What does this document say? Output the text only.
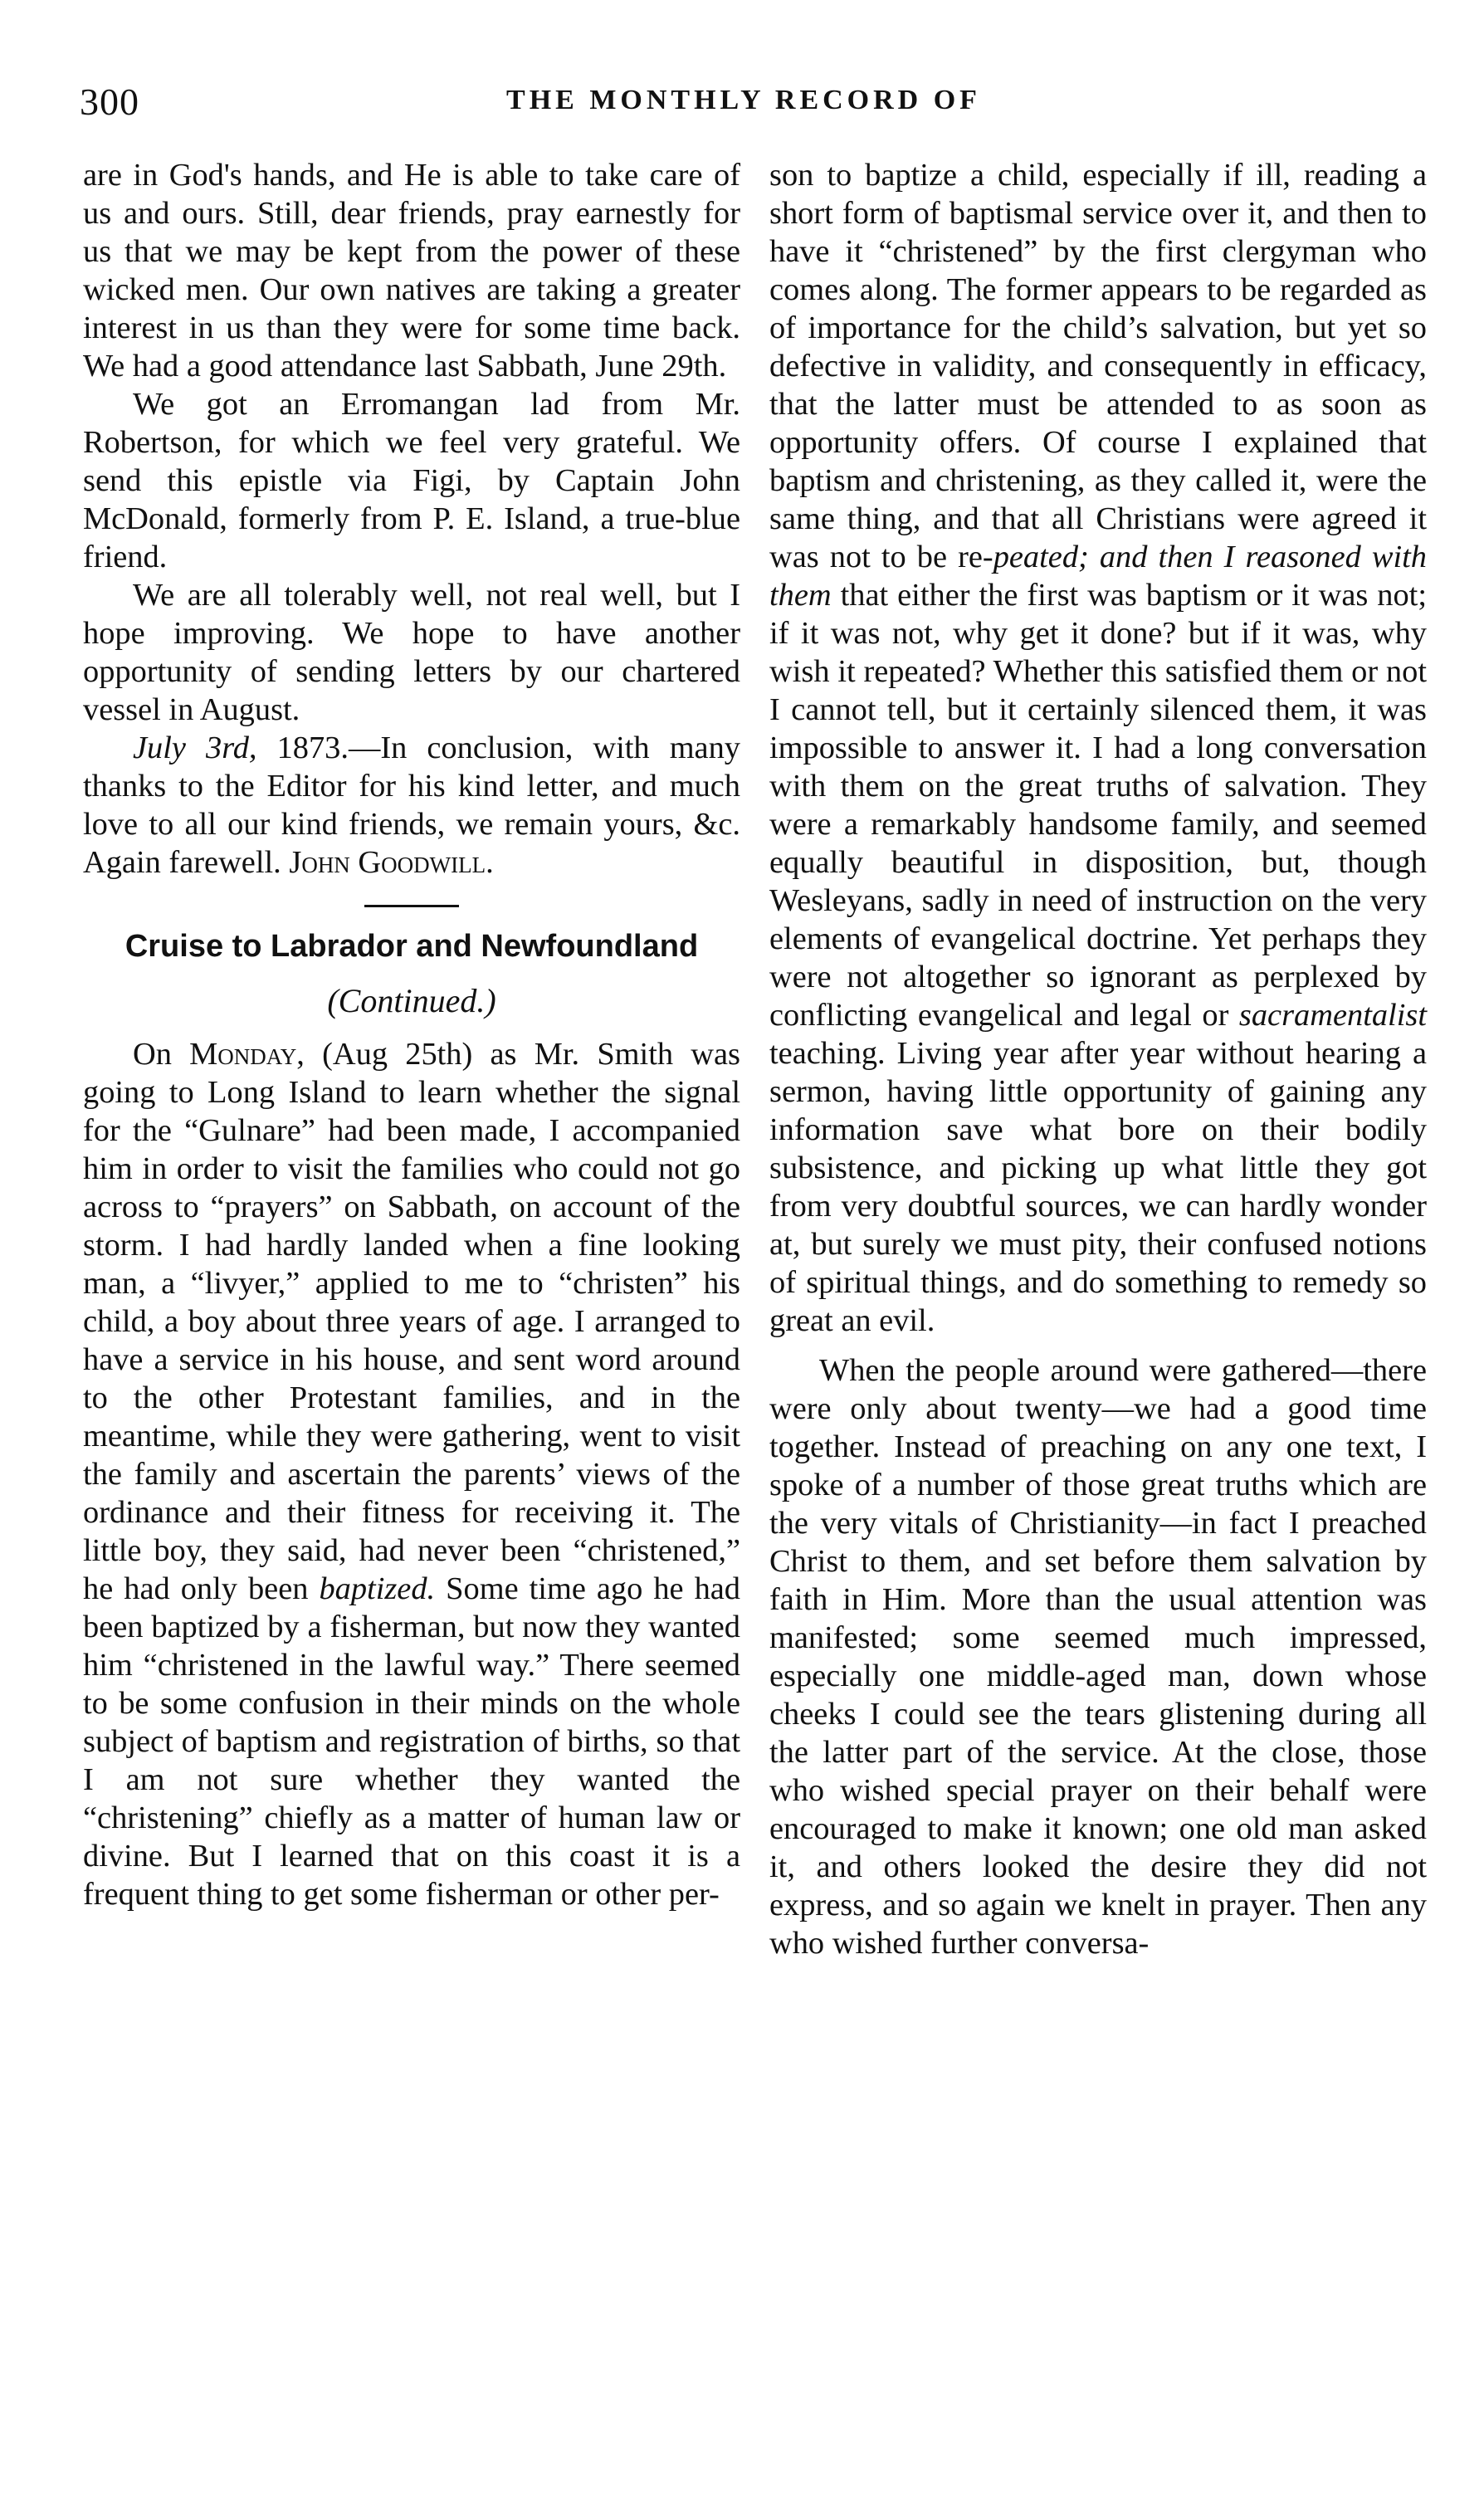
300	THE MONTHLY RECORD OF

are in God's hands, and He is able to take care of us and ours. Still, dear friends, pray earnestly for us that we may be kept from the power of these wicked men. Our own natives are taking a greater interest in us than they were for some time back. We had a good attendance last Sabbath, June 29th.

We got an Erromangan lad from Mr. Robertson, for which we feel very grateful. We send this epistle via Figi, by Captain John McDonald, formerly from P. E. Island, a true-blue friend.

We are all tolerably well, not real well, but I hope improving. We hope to have another opportunity of sending letters by our chartered vessel in August.

July 3rd, 1873.—In conclusion, with many thanks to the Editor for his kind letter, and much love to all our kind friends, we remain yours, &c. Again farewell. John Goodwill.

Cruise to Labrador and Newfoundland
(Continued.)

On Monday, (Aug 25th) as Mr. Smith was going to Long Island to learn whether the signal for the “Gulnare” had been made, I accompanied him in order to visit the families who could not go across to “prayers” on Sabbath, on account of the storm. I had hardly landed when a fine looking man, a “livyer,” applied to me to “christen” his child, a boy about three years of age. I arranged to have a service in his house, and sent word around to the other Protestant families, and in the meantime, while they were gathering, went to visit the family and ascertain the parents’ views of the ordinance and their fitness for receiving it. The little boy, they said, had never been “christened,” he had only been baptized. Some time ago he had been baptized by a fisherman, but now they wanted him “christened in the lawful way.” There seemed to be some confusion in their minds on the whole subject of baptism and registration of births, so that I am not sure whether they wanted the “christening” chiefly as a matter of human law or divine. But I learned that on this coast it is a frequent thing to get some fisherman or other per-

son to baptize a child, especially if ill, reading a short form of baptismal service over it, and then to have it “christened” by the first clergyman who comes along. The former appears to be regarded as of importance for the child’s salvation, but yet so defective in validity, and consequently in efficacy, that the latter must be attended to as soon as opportunity offers. Of course I explained that baptism and christening, as they called it, were the same thing, and that all Christians were agreed it was not to be re-peated; and then I reasoned with them that either the first was baptism or it was not; if it was not, why get it done? but if it was, why wish it repeated? Whether this satisfied them or not I cannot tell, but it certainly silenced them, it was impossible to answer it. I had a long conversation with them on the great truths of salvation. They were a remarkably handsome family, and seemed equally beautiful in disposition, but, though Wesleyans, sadly in need of instruction on the very elements of evangelical doctrine. Yet perhaps they were not altogether so ignorant as perplexed by conflicting evangelical and legal or sacramentalist teaching. Living year after year without hearing a sermon, having little opportunity of gaining any information save what bore on their bodily subsistence, and picking up what little they got from very doubtful sources, we can hardly wonder at, but surely we must pity, their confused notions of spiritual things, and do something to remedy so great an evil.

When the people around were gathered—there were only about twenty—we had a good time together. Instead of preaching on any one text, I spoke of a number of those great truths which are the very vitals of Christianity—in fact I preached Christ to them, and set before them salvation by faith in Him. More than the usual attention was manifested; some seemed much impressed, especially one middle-aged man, down whose cheeks I could see the tears glistening during all the latter part of the service. At the close, those who wished special prayer on their behalf were encouraged to make it known; one old man asked it, and others looked the desire they did not express, and so again we knelt in prayer. Then any who wished further conversa-
